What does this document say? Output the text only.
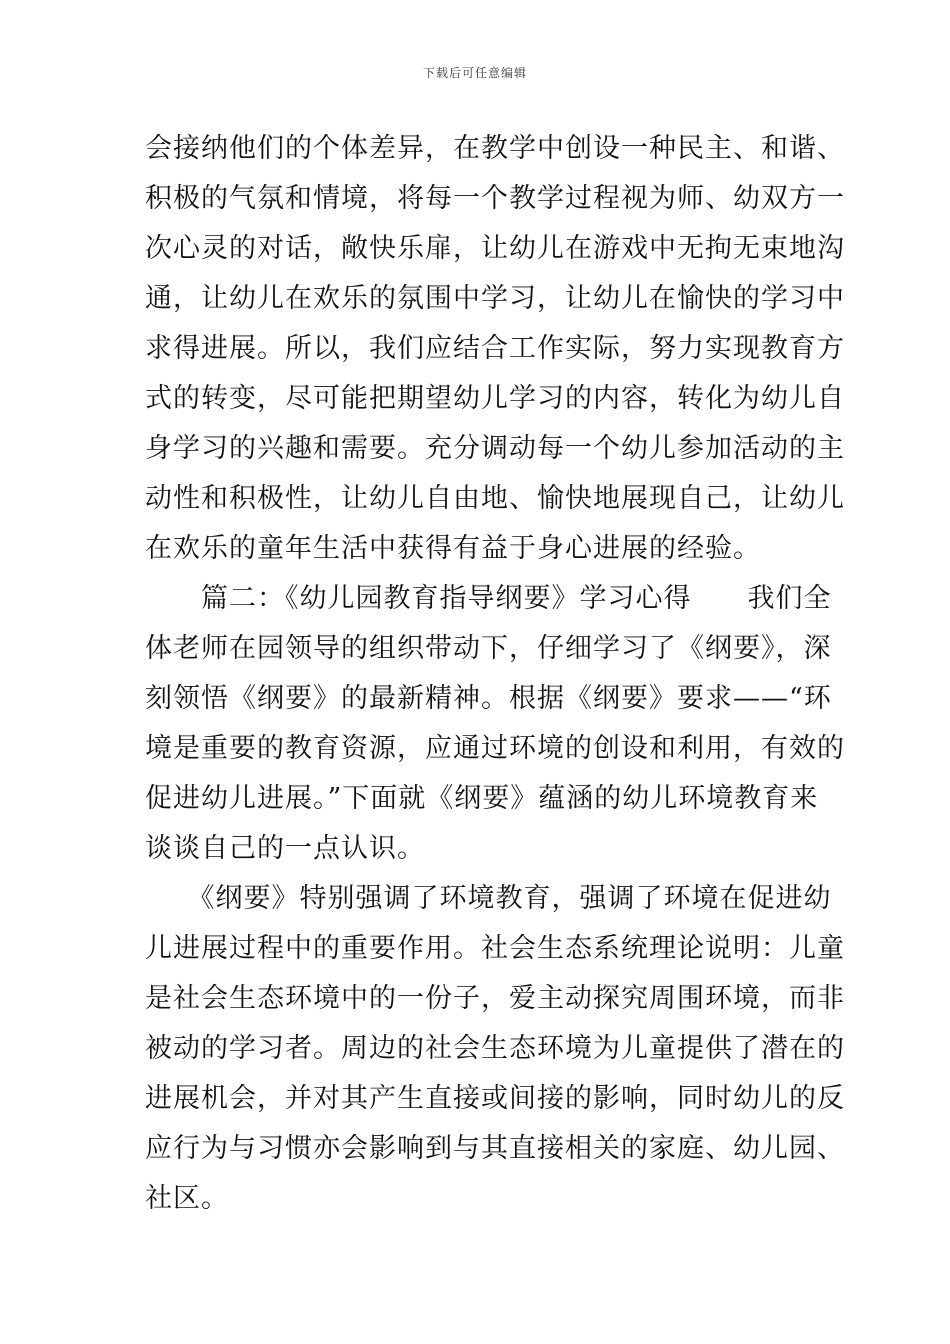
下载后可任意编辑
会接纳他们的个体差异，在教学中创设一种民主、和谐、
积极的气氛和情境，将每一个教学过程视为师、幼双方一
次心灵的对话，敞快乐扉，让幼儿在游戏中无拘无束地沟
通，让幼儿在欢乐的氛围中学习，让幼儿在愉快的学习中
求得进展。所以，我们应结合工作实际，努力实现教育方
式的转变，尽可能把期望幼儿学习的内容，转化为幼儿自
身学习的兴趣和需要。充分调动每一个幼儿参加活动的主
动性和积极性，让幼儿自由地、愉快地展现自己，让幼儿
在欢乐的童年生活中获得有益于身心进展的经验。
　　篇二：《幼儿园教育指导纲要》学习心得　　我们全
体老师在园领导的组织带动下，仔细学习了《纲要》，深
刻领悟《纲要》的最新精神。根据《纲要》要求——“环
境是重要的教育资源，应通过环境的创设和利用，有效的
促进幼儿进展。”下面就《纲要》蕴涵的幼儿环境教育来
谈谈自己的一点认识。
　　《纲要》特别强调了环境教育，强调了环境在促进幼
儿进展过程中的重要作用。社会生态系统理论说明：儿童
是社会生态环境中的一份子，爱主动探究周围环境，而非
被动的学习者。周边的社会生态环境为儿童提供了潜在的
进展机会，并对其产生直接或间接的影响，同时幼儿的反
应行为与习惯亦会影响到与其直接相关的家庭、幼儿园、
社区。
